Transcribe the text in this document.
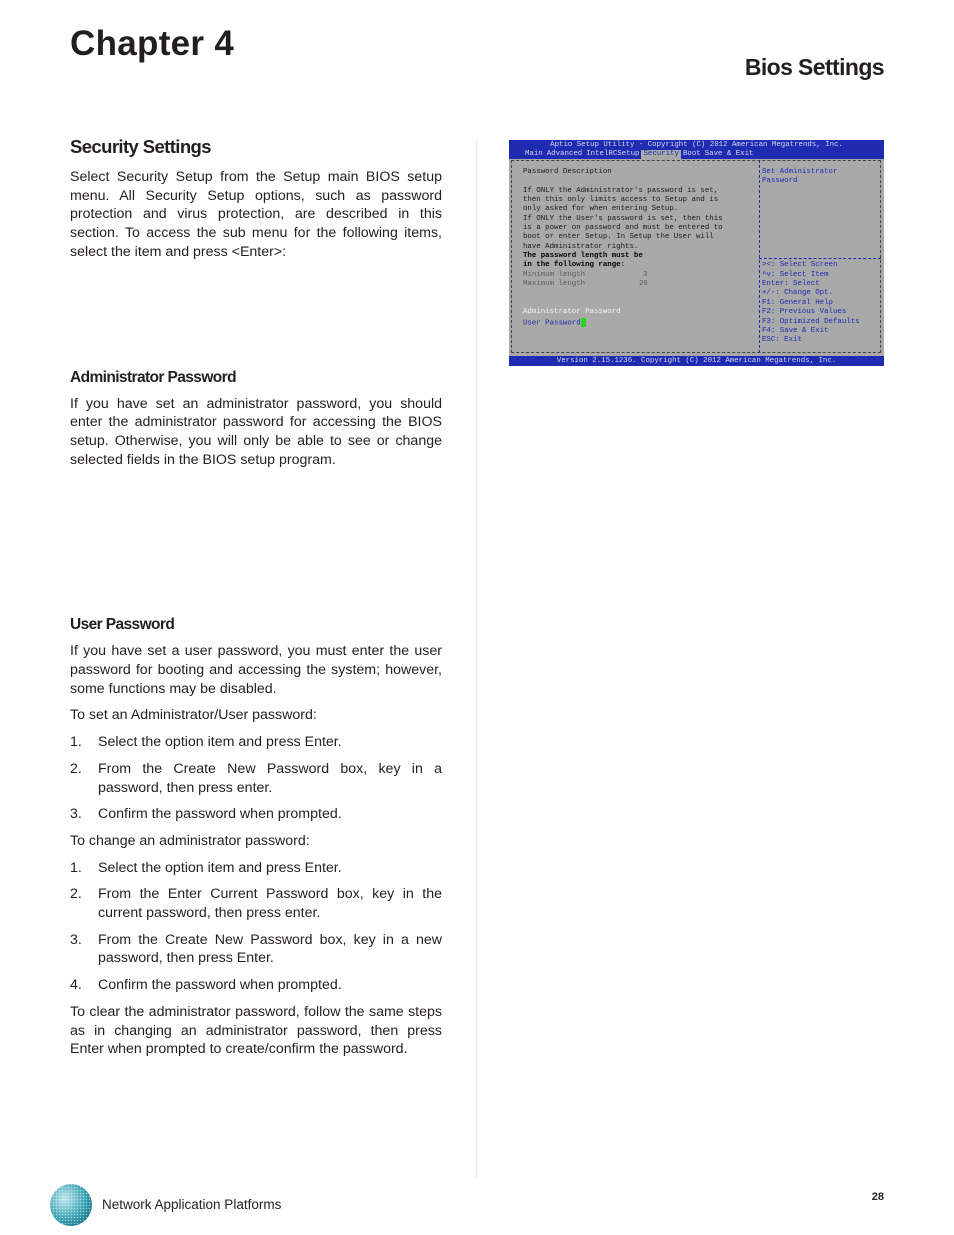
Chapter 4
Bios Settings
Security Settings

Select Security Setup from the Setup main BIOS setup menu. All Security Setup options, such as password protection and virus protection, are described in this section. To access the sub menu for the following items, select the item and press <Enter>:

Administrator Password

If you have set an administrator password, you should enter the administrator password for accessing the BIOS setup. Otherwise, you will only be able to see or change selected fields in the BIOS setup program.

User Password

If you have set a user password, you must enter the user password for booting and accessing the system; however, some functions may be disabled.

To set an Administrator/User password:

1.	Select the option item and press Enter.
2.	From the Create New Password box, key in a password, then press enter.
3.	Confirm the password when prompted.

To change an administrator password:

1.	Select the option item and press Enter.
2.	From the Enter Current Password box, key in the current password, then press enter.
3.	From the Create New Password box, key in a new password, then press Enter.
4.	Confirm the password when prompted.

To clear the administrator password, follow the same steps as in changing an administrator password, then press Enter when prompted to create/confirm the password.

Aptio Setup Utility - Copyright (C) 2012 American Megatrends, Inc.
Main Advanced IntelRCSetup Security Boot Save & Exit
Password Description
If ONLY the Administrator's password is set,
then this only limits access to Setup and is
only asked for when entering Setup.
If ONLY the User's password is set, then this
is a power on password and must be entered to
boot or enter Setup. In Setup the User will
have Administrator rights.
The password length must be
in the following range:
Minimum length	3
Maximum length	20
Administrator Password
User Password
Set Administrator
Password
><: Select Screen
^v: Select Item
Enter: Select
+/-: Change Opt.
F1: General Help
F2: Previous Values
F3: Optimized Defaults
F4: Save & Exit
ESC: Exit
Version 2.15.1236. Copyright (C) 2012 American Megatrends, Inc.
Network Application Platforms	28
